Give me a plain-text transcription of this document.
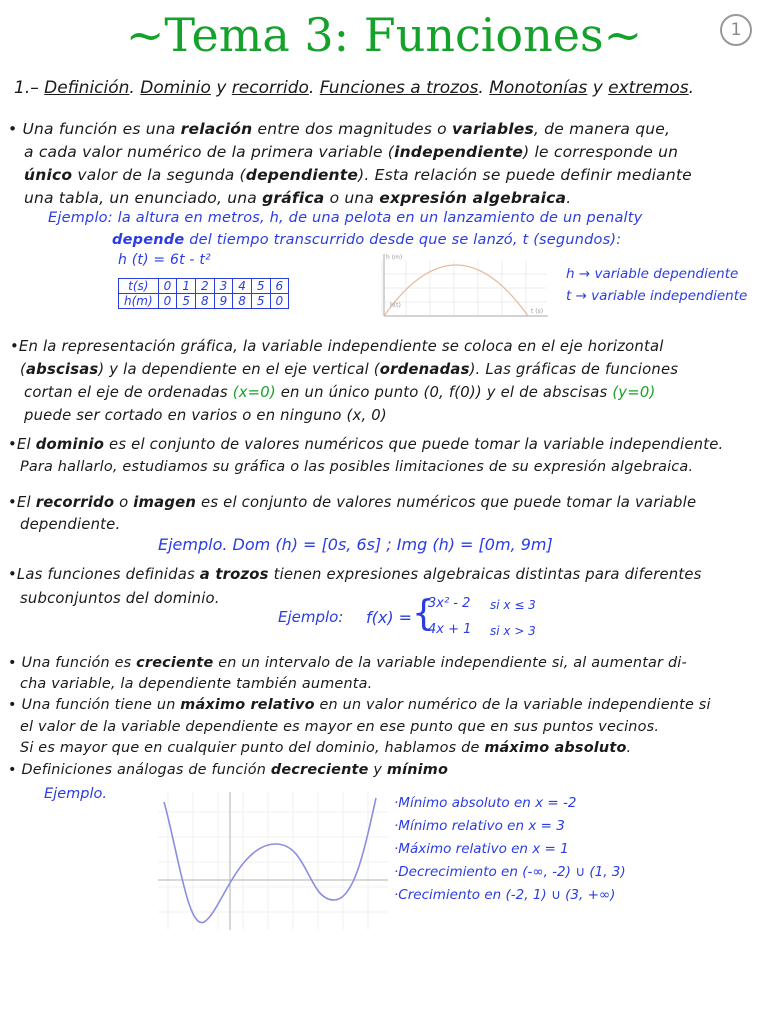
~Tema 3: Funciones~	1
1.– Definición. Dominio y recorrido. Funciones a trozos. Monotonías y extremos.
• Una función es una relación entre dos magnitudes o variables, de manera que,
a cada valor numérico de la primera variable (independiente) le corresponde un
único valor de la segunda (dependiente). Esta relación se puede definir mediante
una tabla, un enunciado, una gráfica o una expresión algebraica.
Ejemplo: la altura en metros, h, de una pelota en un lanzamiento de un penalty
depende del tiempo transcurrido desde que se lanzó, t (segundos):
h (t) = 6t - t²
t(s)	0	1	2	3	4	5	6
h(m)	0	5	8	9	8	5	0
h (m)
t (s)
h(t)
h → variable dependiente
t → variable independiente
•En la representación gráfica, la variable independiente se coloca en el eje horizontal
(abscisas) y la dependiente en el eje vertical (ordenadas). Las gráficas de funciones
cortan el eje de ordenadas (x=0) en un único punto (0, f(0)) y el de abscisas (y=0)
puede ser cortado en varios o en ninguno (x, 0)
•El dominio es el conjunto de valores numéricos que puede tomar la variable independiente.
Para hallarlo, estudiamos su gráfica o las posibles limitaciones de su expresión algebraica.
•El recorrido o imagen es el conjunto de valores numéricos que puede tomar la variable
dependiente.
Ejemplo. Dom (h) = [0s, 6s] ; Img (h) = [0m, 9m]
•Las funciones definidas a trozos tienen expresiones algebraicas distintas para diferentes
subconjuntos del dominio.
Ejemplo: f(x) = {
3x² - 2 si x ≤ 3
4x + 1 si x > 3
• Una función es creciente en un intervalo de la variable independiente si, al aumentar di-
cha variable, la dependiente también aumenta.
• Una función tiene un máximo relativo en un valor numérico de la variable independiente si
el valor de la variable dependiente es mayor en ese punto que en sus puntos vecinos.
Si es mayor que en cualquier punto del dominio, hablamos de máximo absoluto.
• Definiciones análogas de función decreciente y mínimo
Ejemplo.
·Mínimo absoluto en x = -2
·Mínimo relativo en x = 3
·Máximo relativo en x = 1
·Decrecimiento en (-∞, -2) ∪ (1, 3)
·Crecimiento en (-2, 1) ∪ (3, +∞)
